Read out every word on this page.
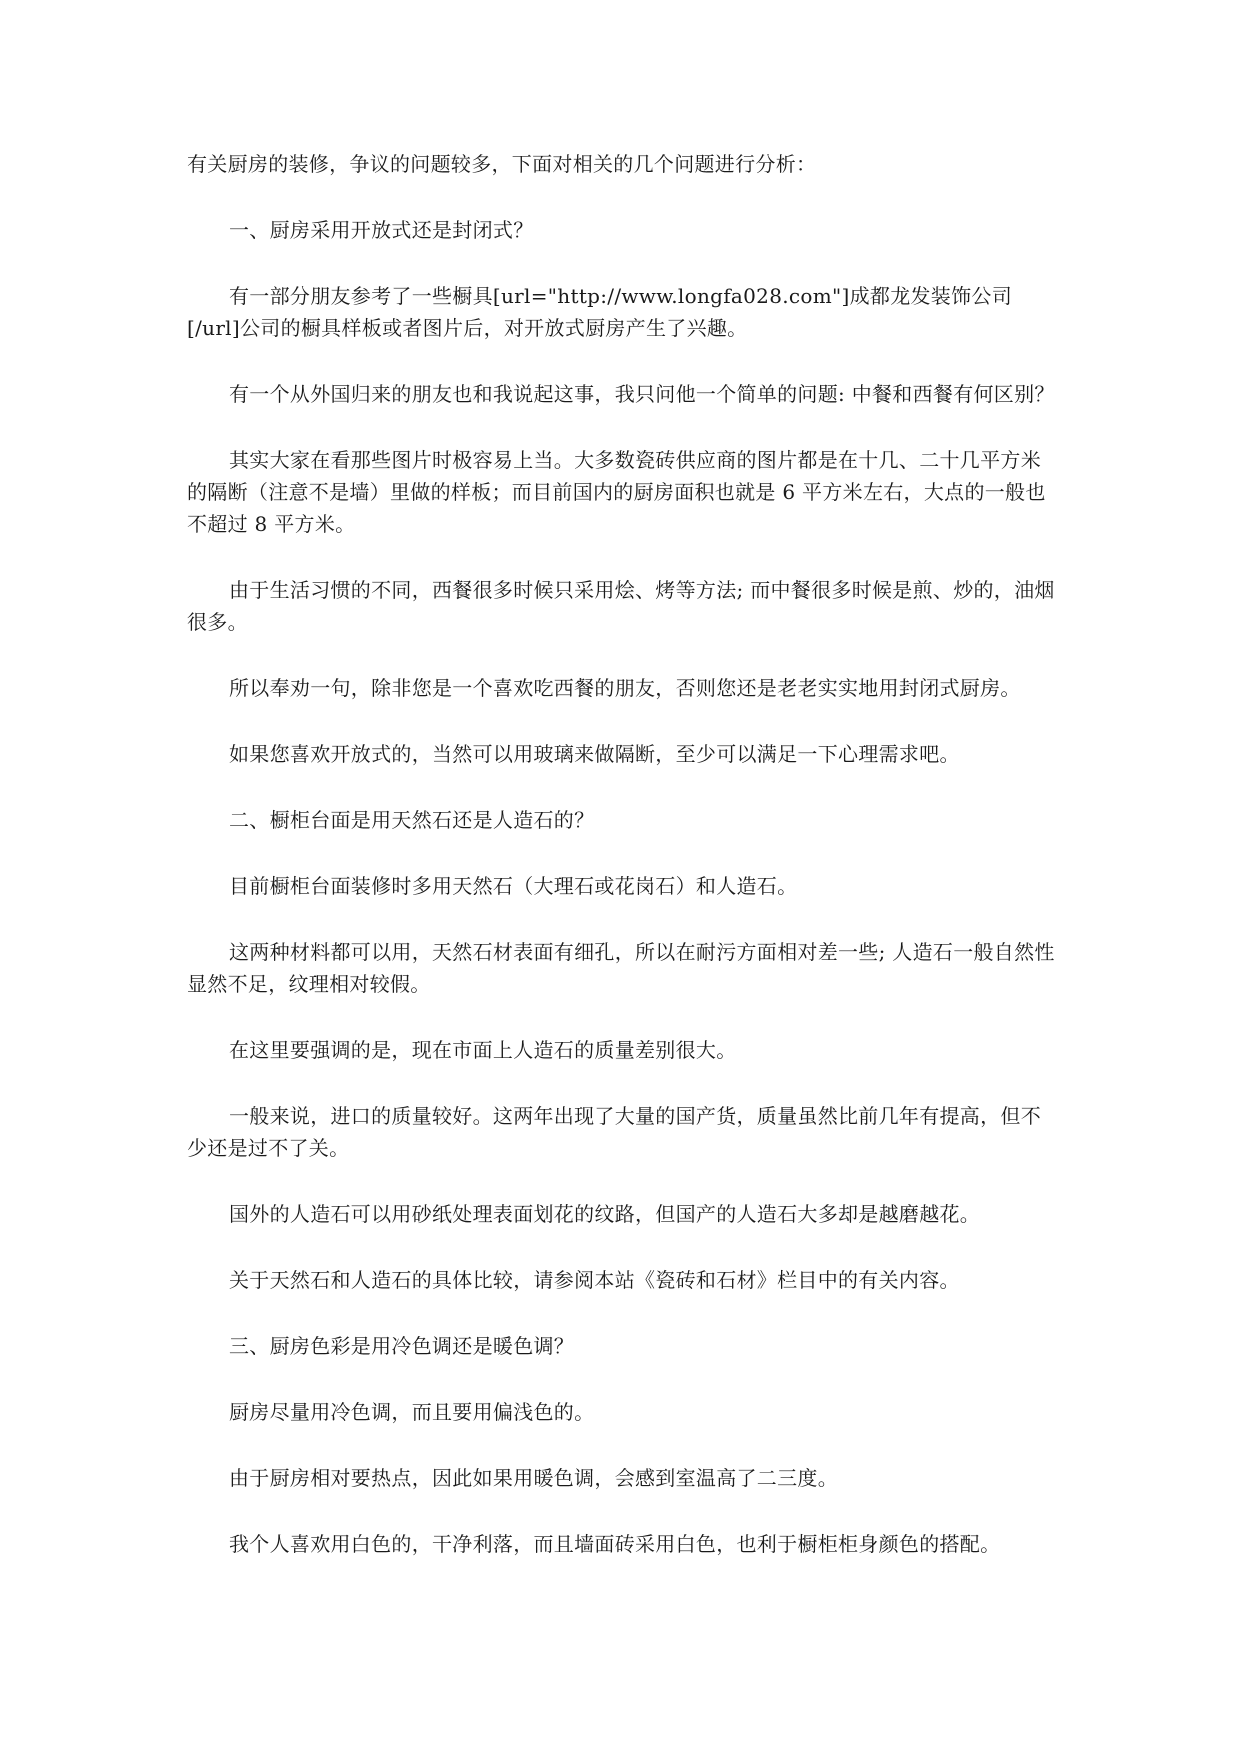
有关厨房的装修，争议的问题较多，下面对相关的几个问题进行分析：

一、厨房采用开放式还是封闭式？

有一部分朋友参考了一些橱具[url="http://www.longfa028.com"]成都龙发装饰公司[/url]公司的橱具样板或者图片后，对开放式厨房产生了兴趣。

有一个从外国归来的朋友也和我说起这事，我只问他一个简单的问题: 中餐和西餐有何区别？

其实大家在看那些图片时极容易上当。大多数瓷砖供应商的图片都是在十几、二十几平方米的隔断（注意不是墙）里做的样板；而目前国内的厨房面积也就是 6 平方米左右，大点的一般也不超过 8 平方米。

由于生活习惯的不同，西餐很多时候只采用烩、烤等方法; 而中餐很多时候是煎、炒的，油烟很多。

所以奉劝一句，除非您是一个喜欢吃西餐的朋友，否则您还是老老实实地用封闭式厨房。

如果您喜欢开放式的，当然可以用玻璃来做隔断，至少可以满足一下心理需求吧。

二、橱柜台面是用天然石还是人造石的？

目前橱柜台面装修时多用天然石（大理石或花岗石）和人造石。

这两种材料都可以用，天然石材表面有细孔，所以在耐污方面相对差一些; 人造石一般自然性显然不足，纹理相对较假。

在这里要强调的是，现在市面上人造石的质量差别很大。

一般来说，进口的质量较好。这两年出现了大量的国产货，质量虽然比前几年有提高，但不少还是过不了关。

国外的人造石可以用砂纸处理表面划花的纹路，但国产的人造石大多却是越磨越花。

关于天然石和人造石的具体比较，请参阅本站《瓷砖和石材》栏目中的有关内容。

三、厨房色彩是用冷色调还是暖色调？

厨房尽量用冷色调，而且要用偏浅色的。

由于厨房相对要热点，因此如果用暖色调，会感到室温高了二三度。

我个人喜欢用白色的，干净利落，而且墙面砖采用白色，也利于橱柜柜身颜色的搭配。
